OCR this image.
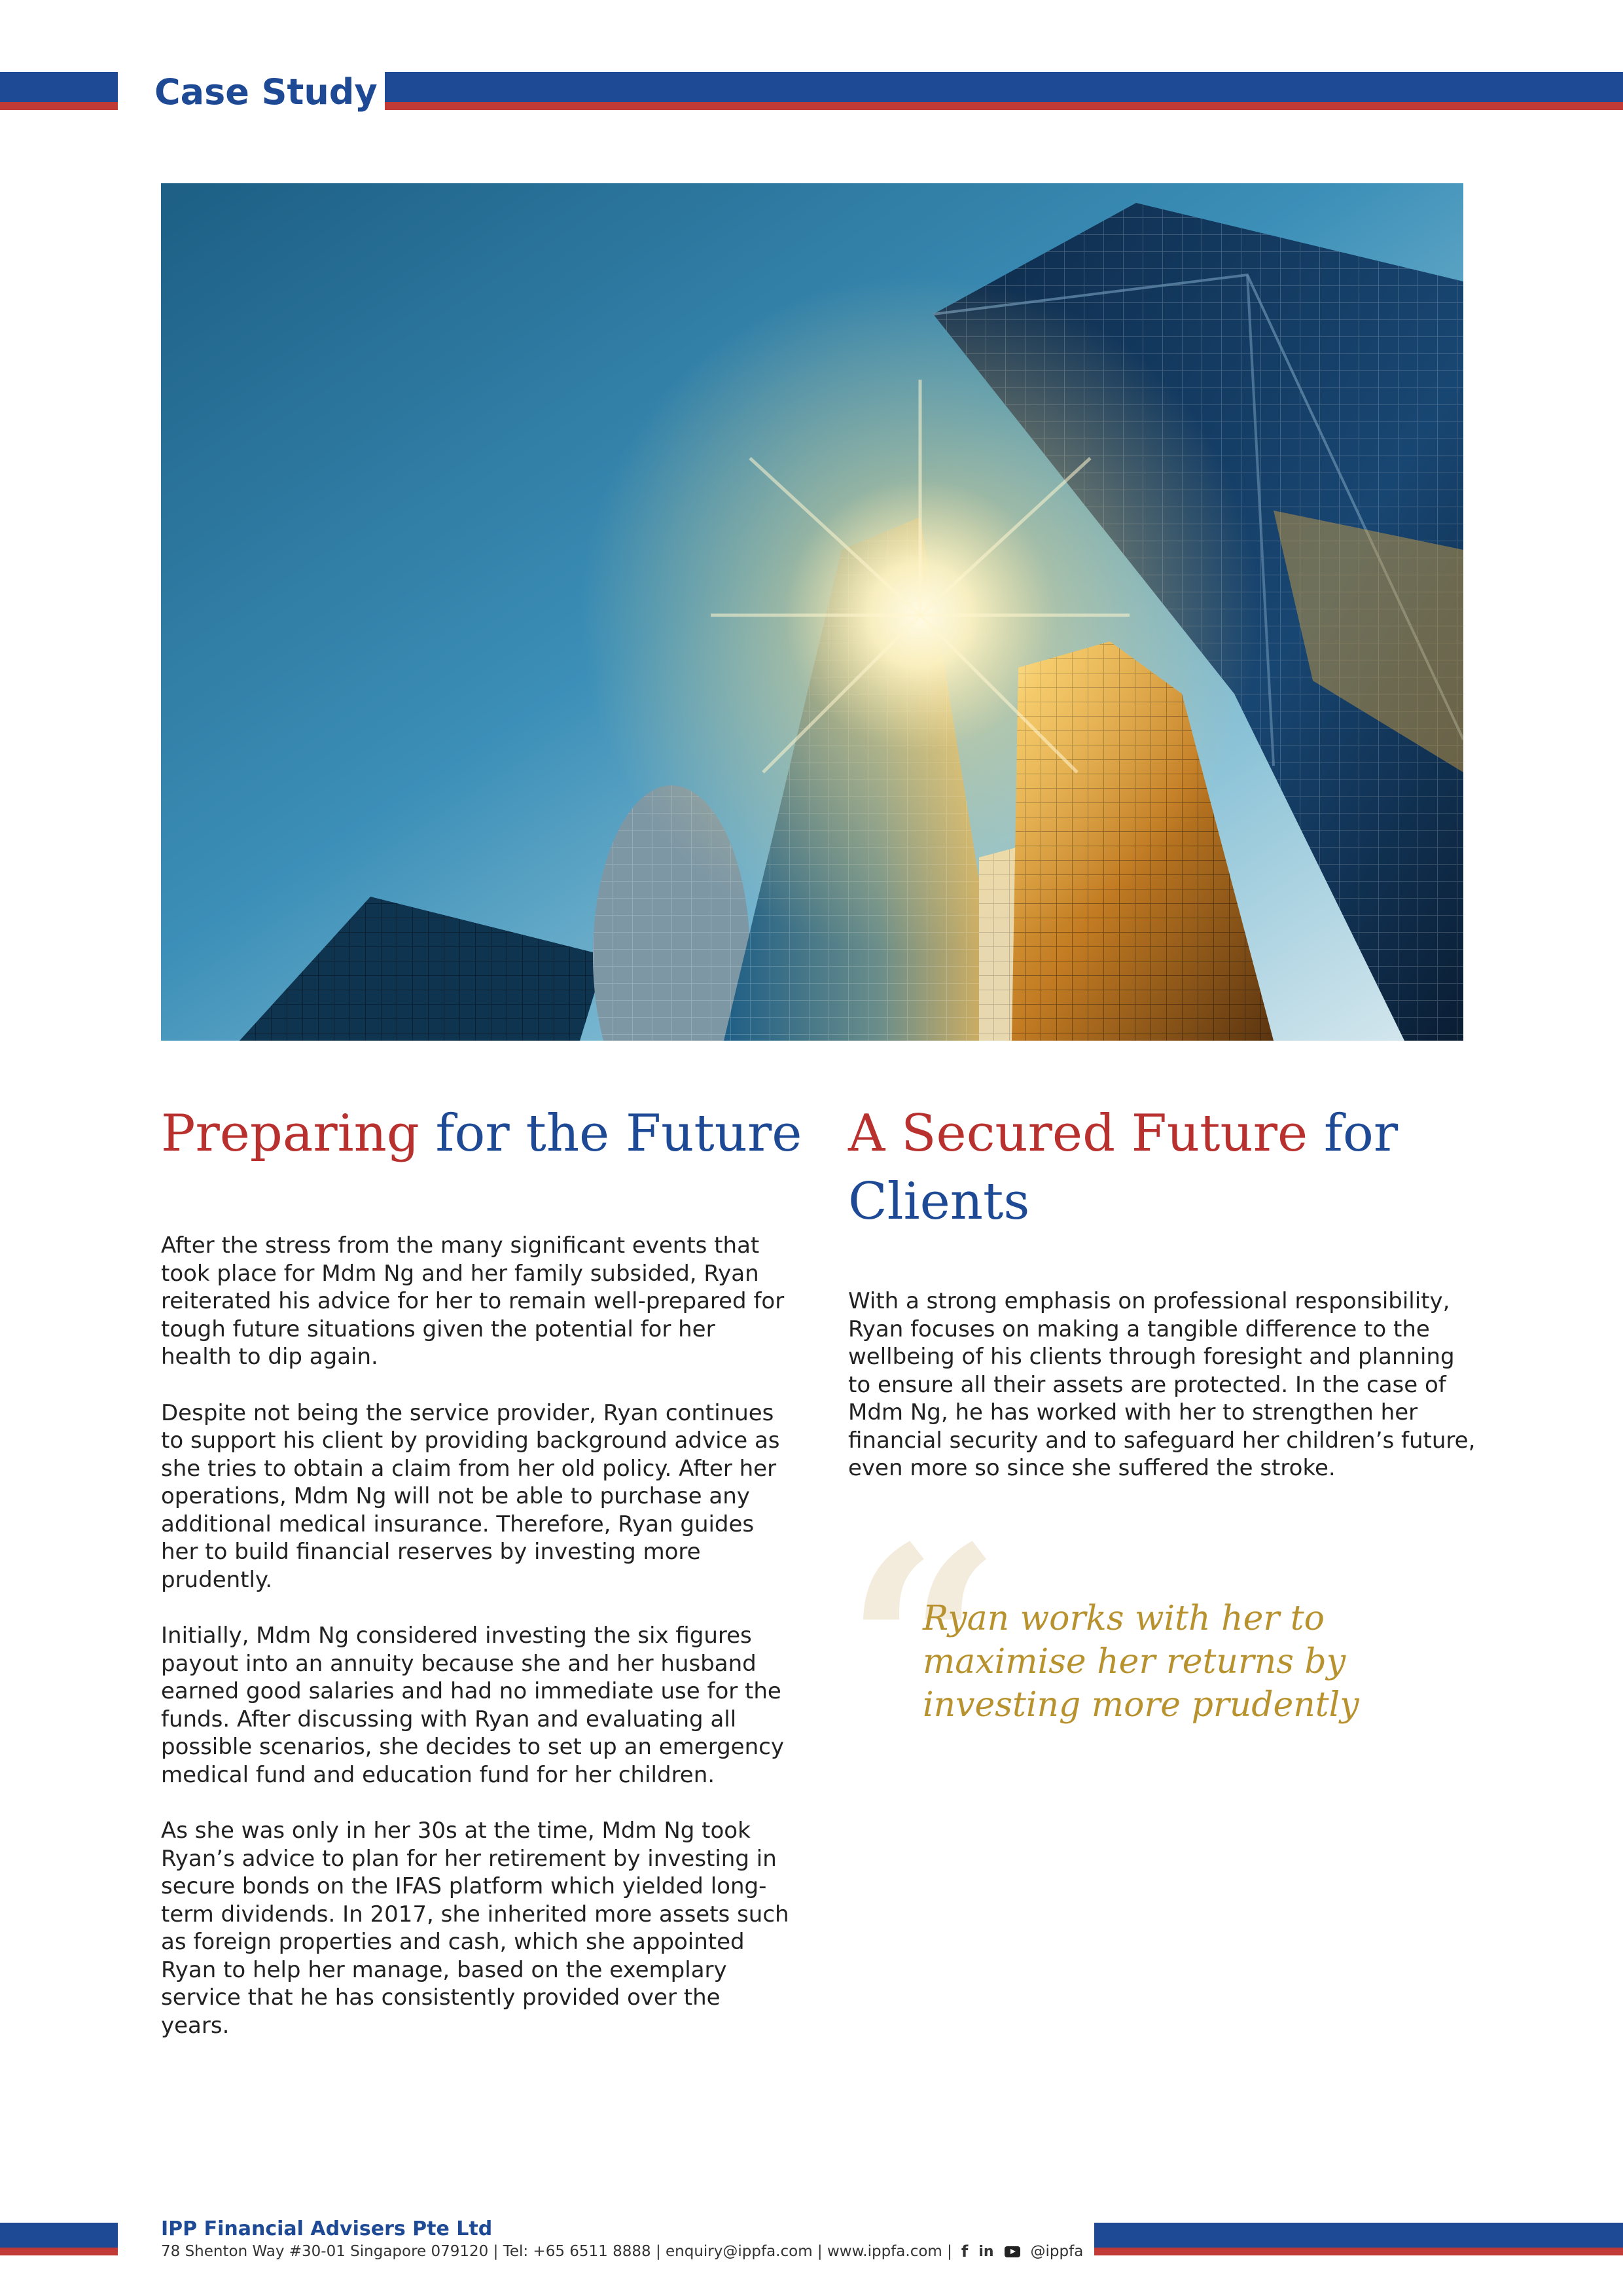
Case Study
Preparing for the Future

After the stress from the many significant events that took place for Mdm Ng and her family subsided, Ryan reiterated his advice for her to remain well-prepared for tough future situations given the potential for her health to dip again.

Despite not being the service provider, Ryan continues to support his client by providing background advice as she tries to obtain a claim from her old policy. After her operations, Mdm Ng will not be able to purchase any additional medical insurance. Therefore, Ryan guides her to build financial reserves by investing more prudently.

Initially, Mdm Ng considered investing the six figures payout into an annuity because she and her husband earned good salaries and had no immediate use for the funds. After discussing with Ryan and evaluating all possible scenarios, she decides to set up an emergency medical fund and education fund for her children.

As she was only in her 30s at the time, Mdm Ng took Ryan’s advice to plan for her retirement by investing in secure bonds on the IFAS platform which yielded long-term dividends. In 2017, she inherited more assets such as foreign properties and cash, which she appointed Ryan to help her manage, based on the exemplary service that he has consistently provided over the years.

A Secured Future for
Clients

With a strong emphasis on professional responsibility, Ryan focuses on making a tangible difference to the wellbeing of his clients through foresight and planning to ensure all their assets are protected. In the case of Mdm Ng, he has worked with her to strengthen her financial security and to safeguard her children’s future, even more so since she suffered the stroke.

“
Ryan works with her to maximise her returns by investing more prudently
IPP Financial Advisers Pte Ltd
78 Shenton Way #30-01 Singapore 079120 | Tel: +65 6511 8888 | enquiry@ippfa.com | www.ippfa.com | f in @ippfa
